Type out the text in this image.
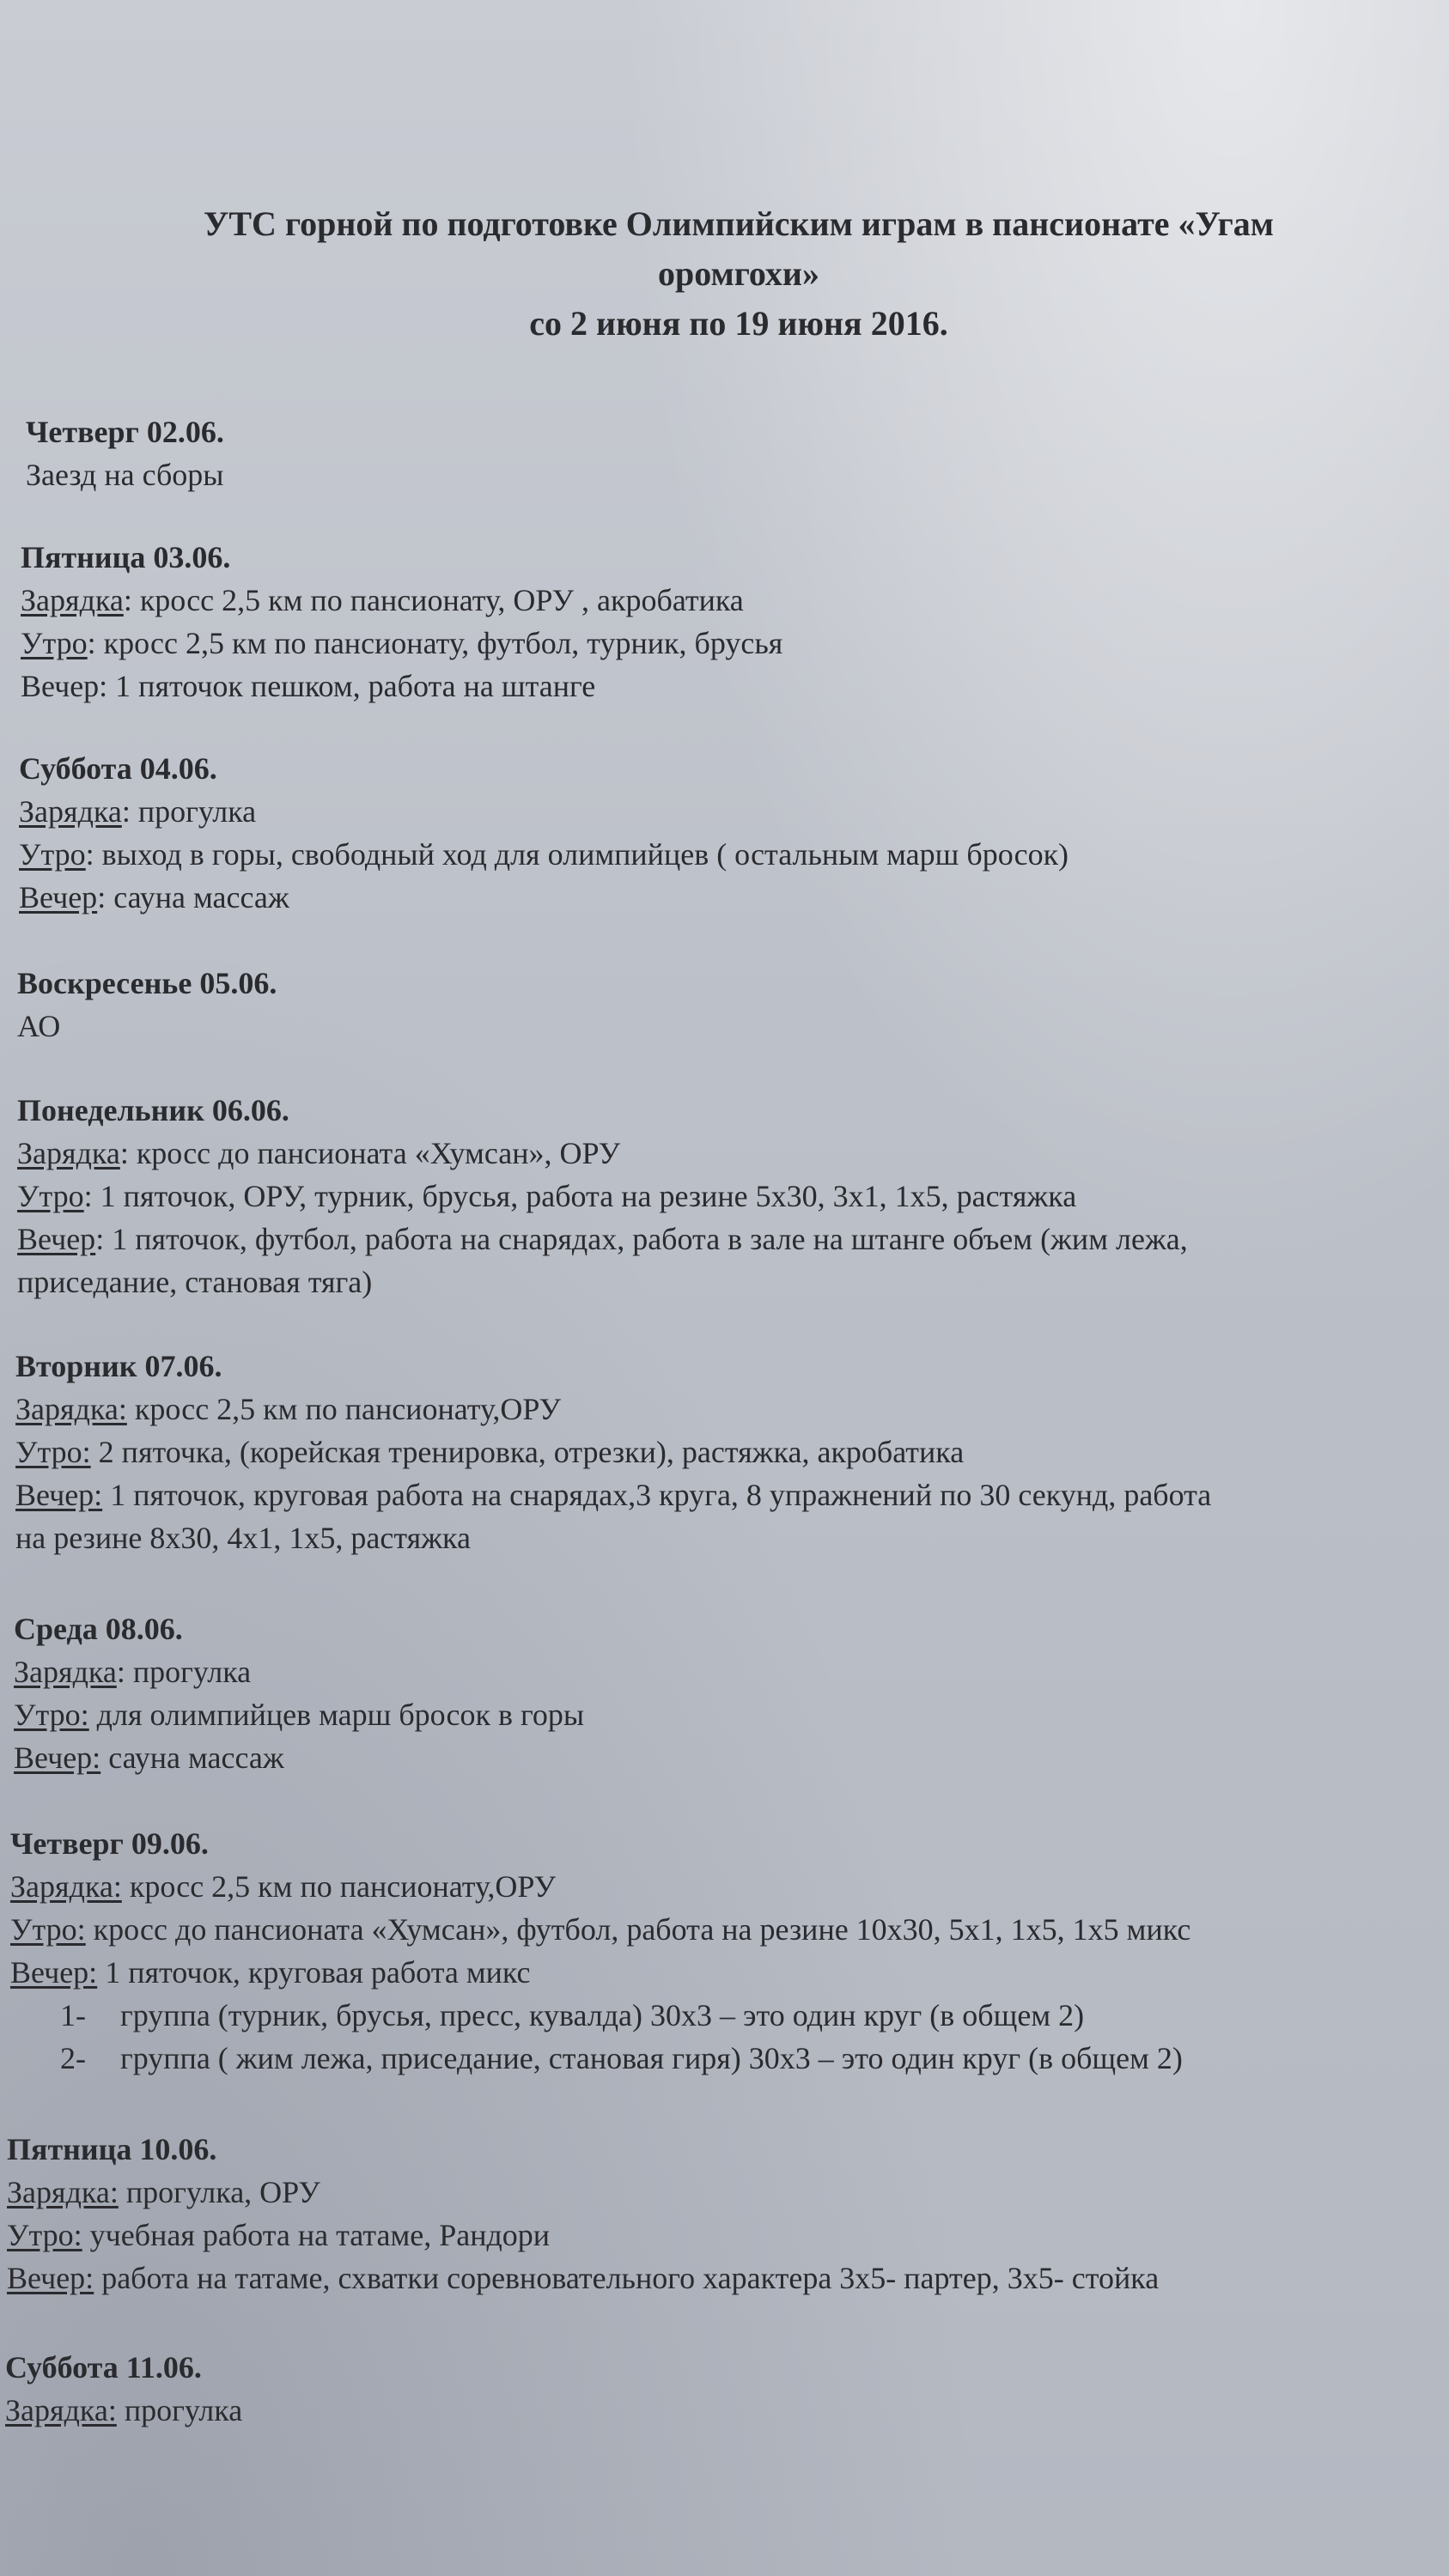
УТС горной по подготовке Олимпийским играм в пансионате «Угам
оромгохи»
со 2 июня по 19 июня 2016.
Четверг 02.06.
Заезд на сборы
Пятница 03.06.
Зарядка: кросс 2,5 км по пансионату, ОРУ , акробатика
Утро: кросс 2,5 км по пансионату, футбол, турник, брусья
Вечер: 1 пяточок пешком, работа на штанге
Суббота 04.06.
Зарядка: прогулка
Утро: выход в горы, свободный ход для олимпийцев ( остальным марш бросок)
Вечер: сауна массаж
Воскресенье 05.06.
АО
Понедельник 06.06.
Зарядка: кросс до пансионата «Хумсан», ОРУ
Утро: 1 пяточок, ОРУ, турник, брусья, работа на резине 5x30, 3x1, 1x5, растяжка
Вечер: 1 пяточок, футбол, работа на снарядах, работа в зале на штанге объем (жим лежа,
приседание, становая тяга)
Вторник 07.06.
Зарядка: кросс 2,5 км по пансионату,ОРУ
Утро: 2 пяточка, (корейская тренировка, отрезки), растяжка, акробатика
Вечер: 1 пяточок, круговая работа на снарядах,3 круга, 8 упражнений по 30 секунд, работа
на резине 8x30, 4x1, 1x5, растяжка
Среда 08.06.
Зарядка: прогулка
Утро: для олимпийцев марш бросок в горы
Вечер: сауна массаж
Четверг 09.06.
Зарядка: кросс 2,5 км по пансионату,ОРУ
Утро: кросс до пансионата «Хумсан», футбол, работа на резине 10x30, 5x1, 1x5, 1x5 микс
Вечер: 1 пяточок, круговая работа микс
1- группа (турник, брусья, пресс, кувалда) 30x3 – это один круг (в общем 2)
2- группа ( жим лежа, приседание, становая гиря) 30x3 – это один круг (в общем 2)
Пятница 10.06.
Зарядка: прогулка, ОРУ
Утро: учебная работа на татаме, Рандори
Вечер: работа на татаме, схватки соревновательного характера 3x5- партер, 3x5- стойка
Суббота 11.06.
Зарядка: прогулка
